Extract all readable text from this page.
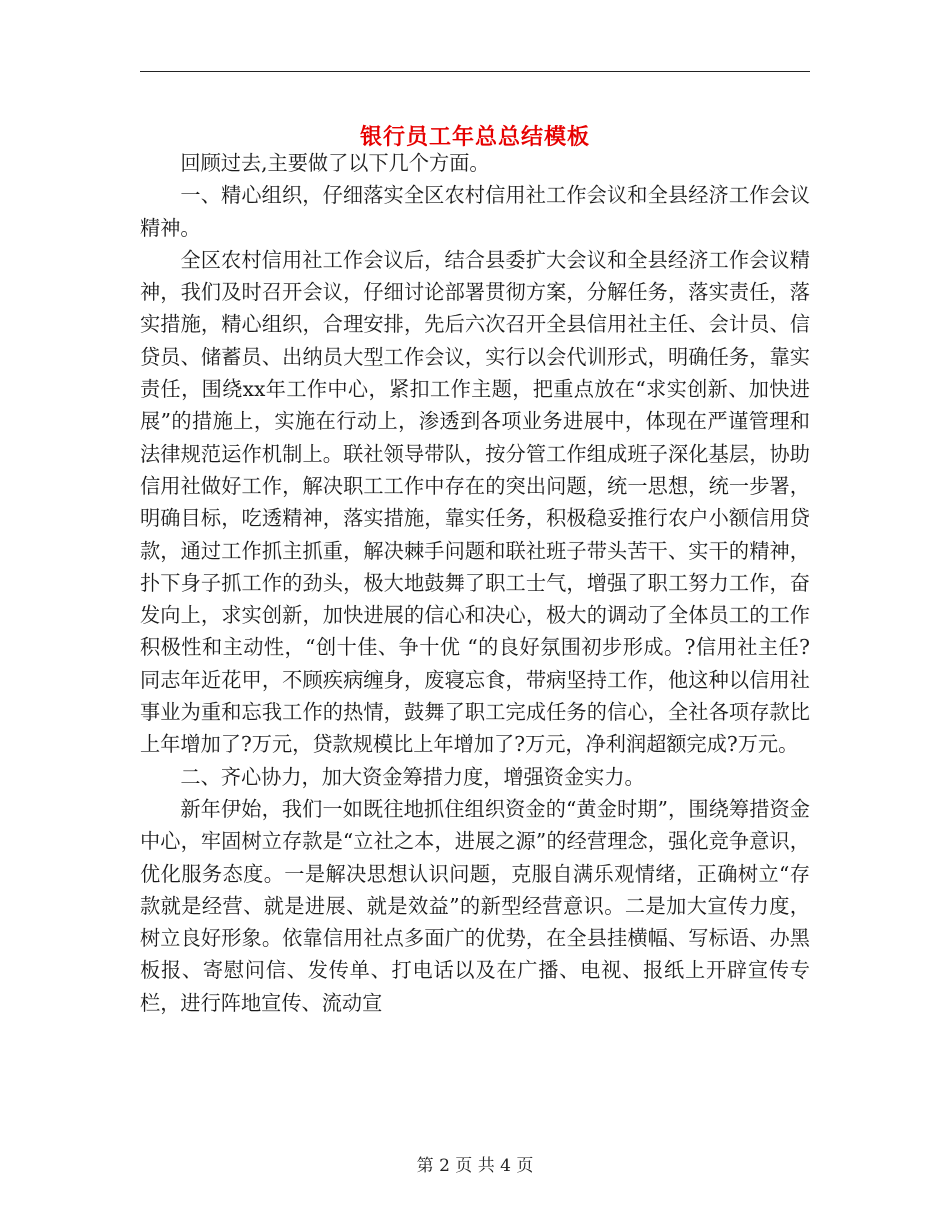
银行员工年总总结模板

回顾过去,主要做了以下几个方面。

一、精心组织，仔细落实全区农村信用社工作会议和全县经济工作会议精神。

全区农村信用社工作会议后，结合县委扩大会议和全县经济工作会议精神，我们及时召开会议，仔细讨论部署贯彻方案，分解任务，落实责任，落实措施，精心组织，合理安排，先后六次召开全县信用社主任、会计员、信贷员、储蓄员、出纳员大型工作会议，实行以会代训形式，明确任务，靠实责任，围绕xx年工作中心，紧扣工作主题，把重点放在“求实创新、加快进展”的措施上，实施在行动上，渗透到各项业务进展中，体现在严谨管理和法律规范运作机制上。联社领导带队，按分管工作组成班子深化基层，协助信用社做好工作，解决职工工作中存在的突出问题，统一思想，统一步署，明确目标，吃透精神，落实措施，靠实任务，积极稳妥推行农户小额信用贷款，通过工作抓主抓重，解决棘手问题和联社班子带头苦干、实干的精神，扑下身子抓工作的劲头，极大地鼓舞了职工士气，增强了职工努力工作，奋发向上，求实创新，加快进展的信心和决心，极大的调动了全体员工的工作积极性和主动性，“创十佳、争十优 “的良好氛围初步形成。?信用社主任?同志年近花甲，不顾疾病缠身，废寝忘食，带病坚持工作，他这种以信用社事业为重和忘我工作的热情，鼓舞了职工完成任务的信心，全社各项存款比上年增加了?万元，贷款规模比上年增加了?万元，净利润超额完成?万元。

二、齐心协力，加大资金筹措力度，增强资金实力。

新年伊始，我们一如既往地抓住组织资金的“黄金时期”，围绕筹措资金中心，牢固树立存款是“立社之本，进展之源”的经营理念，强化竞争意识，优化服务态度。一是解决思想认识问题，克服自满乐观情绪，正确树立“存款就是经营、就是进展、就是效益”的新型经营意识。二是加大宣传力度，树立良好形象。依靠信用社点多面广的优势，在全县挂横幅、写标语、办黑板报、寄慰问信、发传单、打电话以及在广播、电视、报纸上开辟宣传专栏，进行阵地宣传、流动宣

第 2 页 共 4 页
